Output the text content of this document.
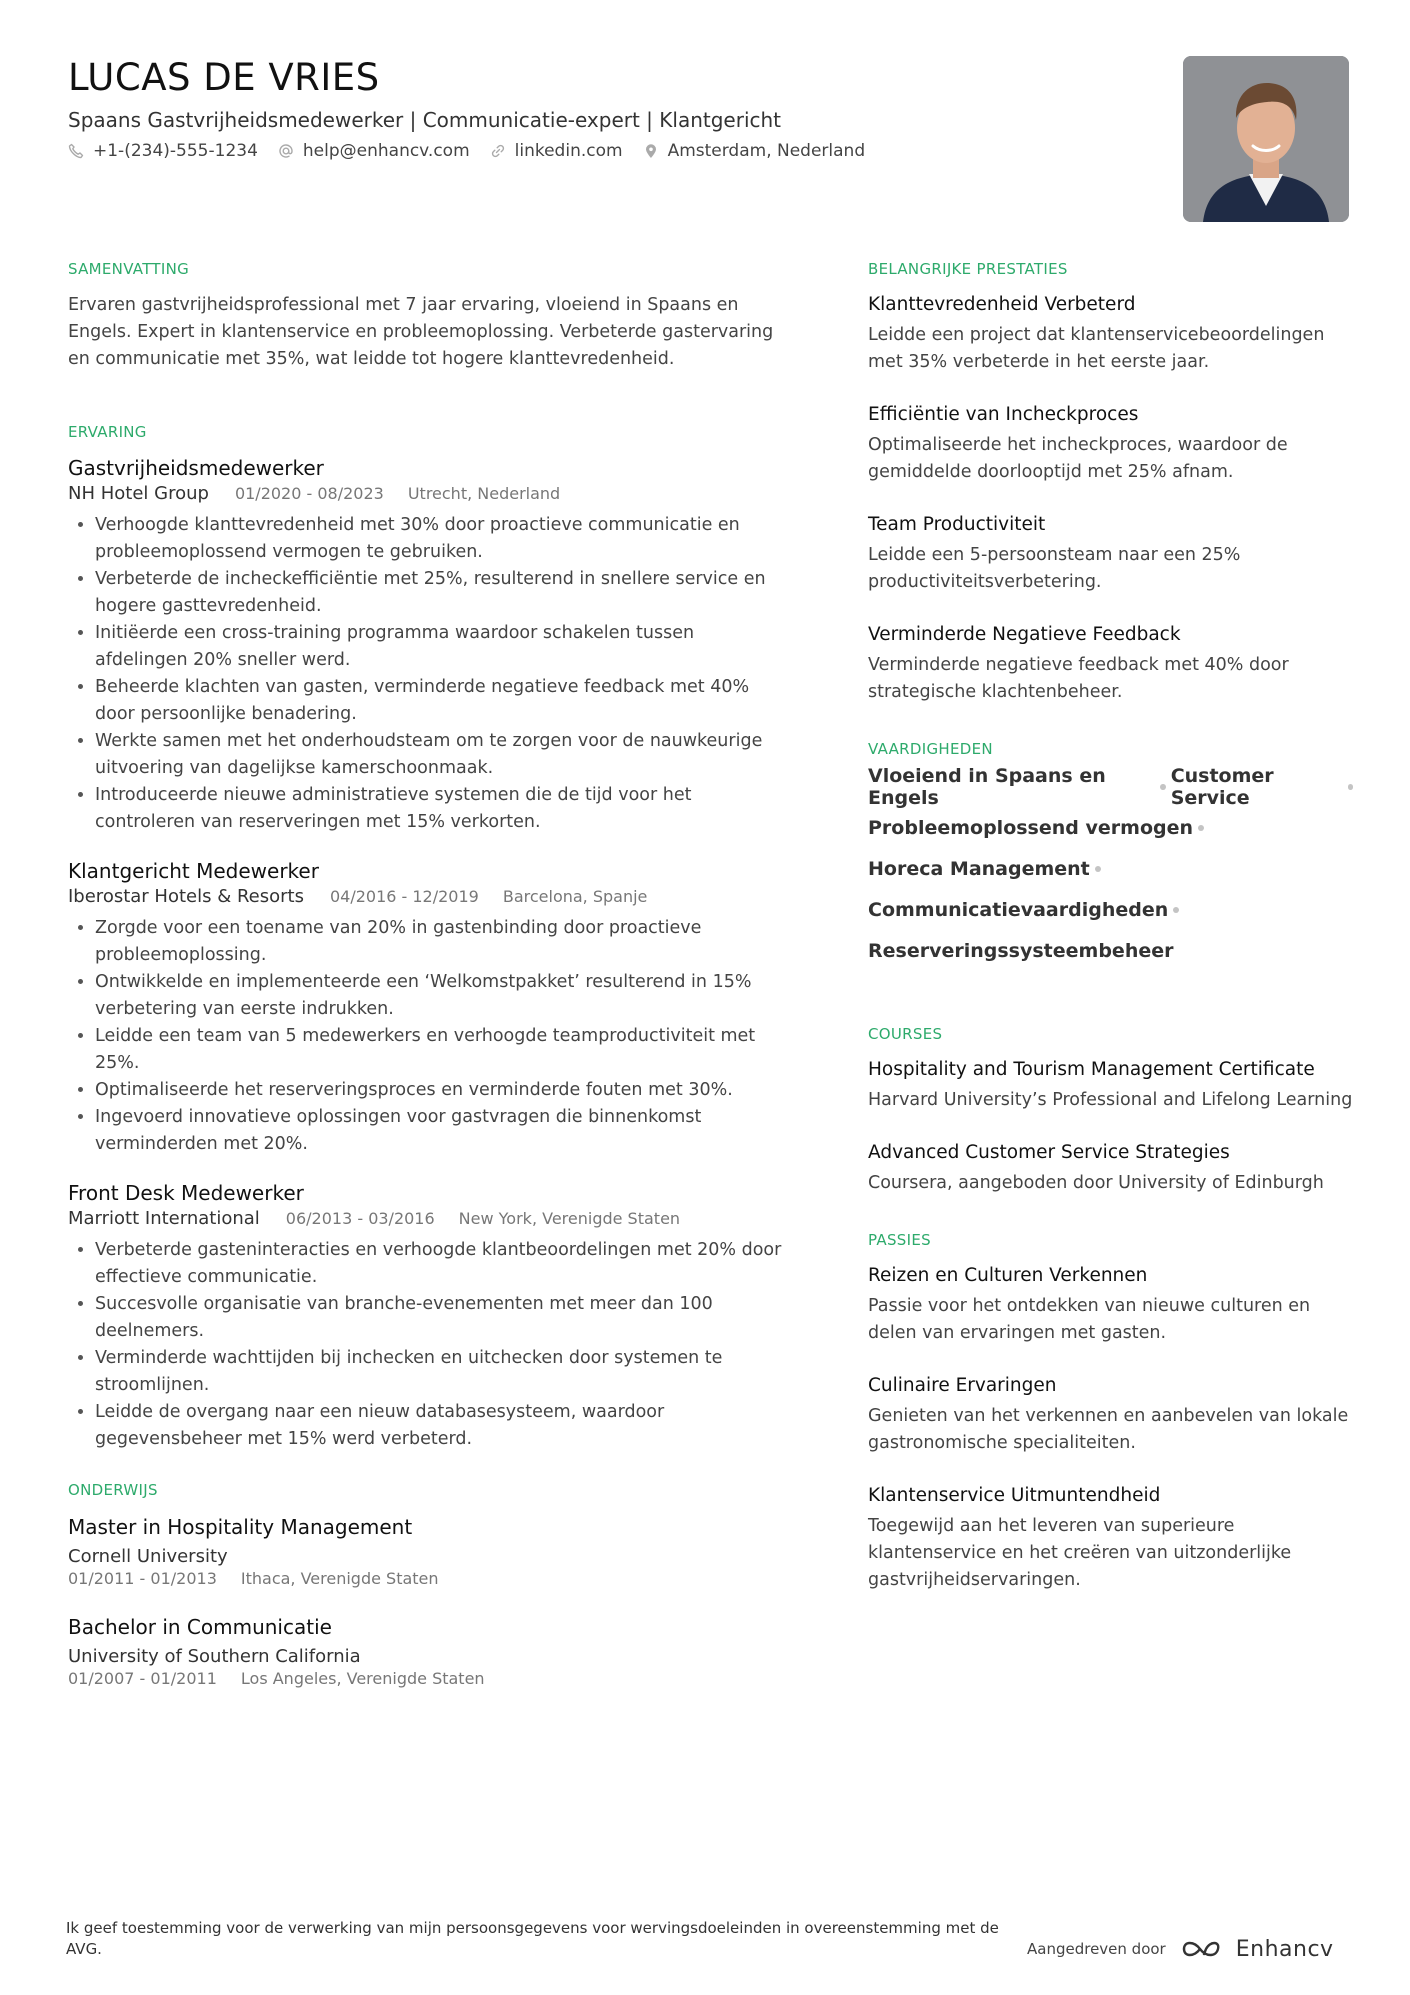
LUCAS DE VRIES
Spaans Gastvrijheidsmedewerker | Communicatie-expert | Klantgericht
+1-(234)-555-1234	help@enhancv.com	linkedin.com	Amsterdam, Nederland
SAMENVATTING

Ervaren gastvrijheidsprofessional met 7 jaar ervaring, vloeiend in Spaans en Engels. Expert in klantenservice en probleemoplossing. Verbeterde gastervaring en communicatie met 35%, wat leidde tot hogere klanttevredenheid.

ERVARING
Gastvrijheidsmedewerker
NH Hotel Group 01/2020 - 08/2023 Utrecht, Nederland
• Verhoogde klanttevredenheid met 30% door proactieve communicatie en probleemoplossend vermogen te gebruiken.
• Verbeterde de incheckefficiëntie met 25%, resulterend in snellere service en hogere gasttevredenheid.
• Initiëerde een cross-training programma waardoor schakelen tussen afdelingen 20% sneller werd.
• Beheerde klachten van gasten, verminderde negatieve feedback met 40% door persoonlijke benadering.
• Werkte samen met het onderhoudsteam om te zorgen voor de nauwkeurige uitvoering van dagelijkse kamerschoonmaak.
• Introduceerde nieuwe administratieve systemen die de tijd voor het controleren van reserveringen met 15% verkorten.
Klantgericht Medewerker
Iberostar Hotels & Resorts 04/2016 - 12/2019 Barcelona, Spanje
• Zorgde voor een toename van 20% in gastenbinding door proactieve probleemoplossing.
• Ontwikkelde en implementeerde een ‘Welkomstpakket’ resulterend in 15% verbetering van eerste indrukken.
• Leidde een team van 5 medewerkers en verhoogde teamproductiviteit met 25%.
• Optimaliseerde het reserveringsproces en verminderde fouten met 30%.
• Ingevoerd innovatieve oplossingen voor gastvragen die binnenkomst verminderden met 20%.
Front Desk Medewerker
Marriott International 06/2013 - 03/2016 New York, Verenigde Staten
• Verbeterde gasteninteracties en verhoogde klantbeoordelingen met 20% door effectieve communicatie.
• Succesvolle organisatie van branche-evenementen met meer dan 100 deelnemers.
• Verminderde wachttijden bij inchecken en uitchecken door systemen te stroomlijnen.
• Leidde de overgang naar een nieuw databasesysteem, waardoor gegevensbeheer met 15% werd verbeterd.
ONDERWIJS
Master in Hospitality Management
Cornell University
01/2011 - 01/2013 Ithaca, Verenigde Staten
Bachelor in Communicatie
University of Southern California
01/2007 - 01/2011 Los Angeles, Verenigde Staten
BELANGRIJKE PRESTATIES
Klanttevredenheid Verbeterd

Leidde een project dat klantenservicebeoordelingen met 35% verbeterde in het eerste jaar.

Efficiëntie van Incheckproces

Optimaliseerde het incheckproces, waardoor de gemiddelde doorlooptijd met 25% afnam.

Team Productiviteit

Leidde een 5-persoonsteam naar een 25% productiviteitsverbetering.

Verminderde Negatieve Feedback

Verminderde negatieve feedback met 40% door strategische klachtenbeheer.

VAARDIGHEDEN
Vloeiend in Spaans en Engels
Customer Service
Probleemoplossend vermogen
Horeca Management
Communicatievaardigheden
Reserveringssysteembeheer
COURSES
Hospitality and Tourism Management Certificate

Harvard University’s Professional and Lifelong Learning

Advanced Customer Service Strategies

Coursera, aangeboden door University of Edinburgh

PASSIES
Reizen en Culturen Verkennen

Passie voor het ontdekken van nieuwe culturen en delen van ervaringen met gasten.

Culinaire Ervaringen

Genieten van het verkennen en aanbevelen van lokale gastronomische specialiteiten.

Klantenservice Uitmuntendheid

Toegewijd aan het leveren van superieure klantenservice en het creëren van uitzonderlijke gastvrijheidservaringen.

Ik geef toestemming voor de verwerking van mijn persoonsgegevens voor wervingsdoeleinden in overeenstemming met de AVG.	Aangedreven door	Enhancv
